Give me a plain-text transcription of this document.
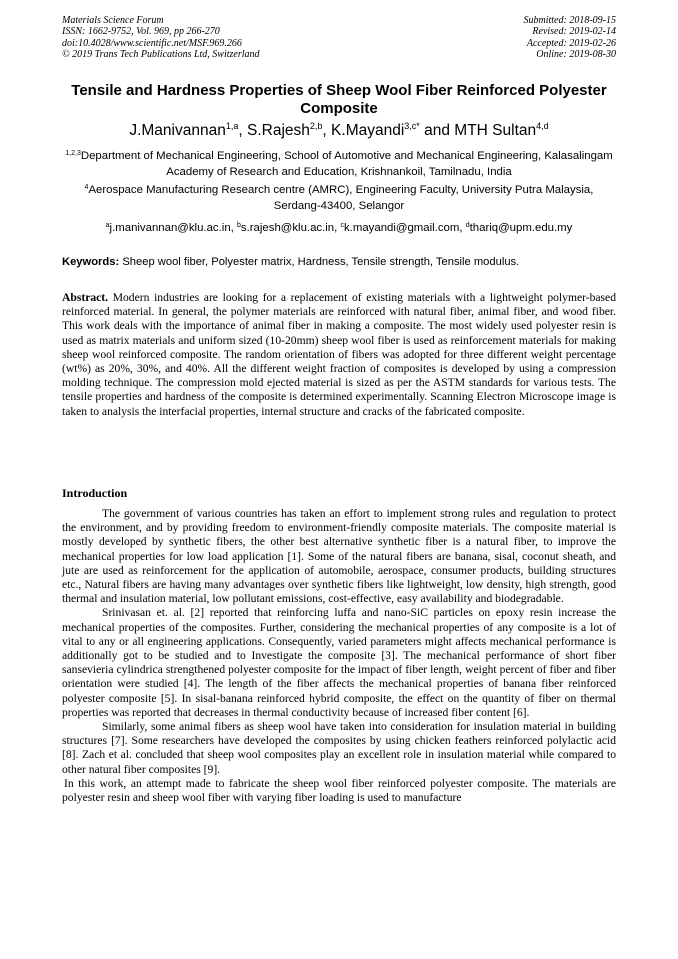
Materials Science Forum
ISSN: 1662-9752, Vol. 969, pp 266-270
doi:10.4028/www.scientific.net/MSF.969.266
© 2019 Trans Tech Publications Ltd, Switzerland
Submitted: 2018-09-15
Revised: 2019-02-14
Accepted: 2019-02-26
Online: 2019-08-30
Tensile and Hardness Properties of Sheep Wool Fiber Reinforced Polyester Composite
J.Manivannan$^{1,a}$, S.Rajesh$^{2,b}$, K.Mayandi$^{3,c*}$ and MTH Sultan$^{4,d}$
$^{1,2,3}$Department of Mechanical Engineering, School of Automotive and Mechanical Engineering, Kalasalingam Academy of Research and Education, Krishnankoil, Tamilnadu, India
$^4$Aerospace Manufacturing Research centre (AMRC), Engineering Faculty, University Putra Malaysia, Serdang-43400, Selangor
$^a$j.manivannan@klu.ac.in, $^b$s.rajesh@klu.ac.in, $^c$k.mayandi@gmail.com, $^d$thariq@upm.edu.my
Keywords: Sheep wool fiber, Polyester matrix, Hardness, Tensile strength, Tensile modulus.

Abstract. Modern industries are looking for a replacement of existing materials with a lightweight polymer-based reinforced material. In general, the polymer materials are reinforced with natural fiber, animal fiber, and wood fiber. This work deals with the importance of animal fiber in making a composite. The most widely used polyester resin is used as matrix materials and uniform sized (10-20mm) sheep wool fiber is used as reinforcement materials for making sheep wool reinforced composite. The random orientation of fibers was adopted for three different weight percentage (wt%) as 20%, 30%, and 40%. All the different weight fraction of composites is developed by using a compression molding technique. The compression mold ejected material is sized as per the ASTM standards for various tests. The tensile properties and hardness of the composite is determined experimentally. Scanning Electron Microscope image is taken to analysis the interfacial properties, internal structure and cracks of the fabricated composite.

Introduction

The government of various countries has taken an effort to implement strong rules and regulation to protect the environment, and by providing freedom to environment-friendly composite materials. The composite material is mostly developed by synthetic fibers, the other best alternative synthetic fiber is a natural fiber, to improve the mechanical properties for low load application [1]. Some of the natural fibers are banana, sisal, coconut sheath, and jute are used as reinforcement for the application of automobile, aerospace, consumer products, building structures etc., Natural fibers are having many advantages over synthetic fibers like lightweight, low density, high strength, good thermal and insulation material, low pollutant emissions, cost-effective, easy availability and biodegradable.

Srinivasan et. al. [2] reported that reinforcing luffa and nano-SiC particles on epoxy resin increase the mechanical properties of the composites. Further, considering the mechanical properties of any composite is a lot of vital to any or all engineering applications. Consequently, varied parameters might affects mechanical performance is additionally got to be studied and to Investigate the composite [3]. The mechanical performance of short fiber sansevieria cylindrica strengthened polyester composite for the impact of fiber length, weight percent of fiber and fiber orientation were studied [4]. The length of the fiber affects the mechanical properties of banana fiber reinforced polyester composite [5]. In sisal-banana reinforced hybrid composite, the effect on the quantity of fiber on thermal properties was reported that decreases in thermal conductivity because of increased fiber content [6].

Similarly, some animal fibers as sheep wool have taken into consideration for insulation material in building structures [7]. Some researchers have developed the composites by using chicken feathers reinforced polylactic acid [8]. Zach et al. concluded that sheep wool composites play an excellent role in insulation material while compared to other natural fiber composites [9].

In this work, an attempt made to fabricate the sheep wool fiber reinforced polyester composite. The materials are polyester resin and sheep wool fiber with varying fiber loading is used to manufacture
